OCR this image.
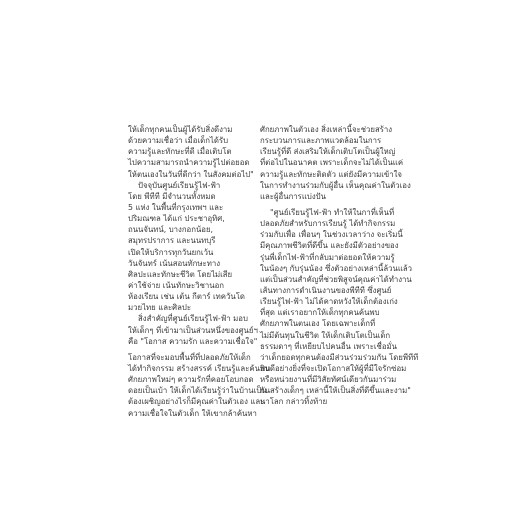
ให้เด็กทุกคนเป็นผู้ได้รับสิ่งดีงาม
ด้วยความเชื่อว่า เมื่อเด็กได้รับ
ความรู้และทักษะที่ดี เมื่อเติบโต
ไปความสามารถนำความรู้ไปต่อยอด
ให้ตนเองในวันที่ดีกว่า ในสังคมต่อไป"
ปัจจุบันศูนย์เรียนรู้ไฟ-ฟ้า
โดย พีทีที มีจำนวนทั้งหมด
5 แห่ง ในพื้นที่กรุงเทพฯ และ
ปริมณฑล ได้แก่ ประชาอุทิศ,
ถนนจันทน์, บางกอกน้อย,
สมุทรปราการ และนนทบุรี
เปิดให้บริการทุกวันยกเว้น
วันจันทร์ เน้นสอนทักษะทาง
ศิลปะและทักษะชีวิต โดยไม่เสีย
ค่าใช้จ่าย เน้นทักษะวิชานอก
ห้องเรียน เช่น เต้น กีตาร์ เทควันโด
มวยไทย และศิลปะ
สิ่งสำคัญที่ศูนย์เรียนรู้ไฟ-ฟ้า มอบ
ให้เด็กๆ ที่เข้ามาเป็นส่วนหนึ่งของศูนย์ฯ
คือ "โอกาส ความรัก และความเชื่อใจ"
โอกาสที่จะมอบพื้นที่ที่ปลอดภัยให้เด็ก
ได้ทำกิจกรรม สร้างสรรค์ เรียนรู้และค้นพบ
ศักยภาพใหม่ๆ ความรักที่คอยโอบกอด
ดอยเป็นเบ้า ให้เด็กได้เรียนรู้ว่าในบ้านเป็น
ต้องเผชิญอย่างไรก็มีคุณค่าในตัวเอง และ
ความเชื่อใจในตัวเด็ก ให้เขากล้าค้นหา
ศักยภาพในตัวเอง สิ่งเหล่านี้จะช่วยสร้าง
กระบวนการและภาพแวดล้อมในการ
เรียนรู้ที่ดี ส่งเสริมให้เด็กเติบโตเป็นผู้ใหญ่
ที่ต่อไปในอนาคต เพราะเด็กจะไม่ได้เป็นแค่
ความรู้และทักษะติดตัว แต่ยังมีความเข้าใจ
ในการทำงานร่วมกับผู้อื่น เห็นคุณค่าในตัวเอง
และผู้อื่นการแบ่งปัน
"ศูนย์เรียนรู้ไฟ-ฟ้า ทำให้ในกาที่เห็นที่
ปลอดภัยสำหรับการเรียนรู้ ได้ทำกิจกรรม
ร่วมกับเพื่อ เพื่อนๆ ในช่วงเวลาว่าง จะเริ่มนี้
มีคุณภาพชีวิตที่ดีขึ้น และยังมีตัวอย่างของ
รุ่นพี่เด็กไฟ-ฟ้าที่กลับมาต่อยอดให้ความรู้
ในน้องๆ กับรุ่นน้อง ซึ่งตัวอย่างเหล่านี้ล้วนแล้ว
แต่เป็นส่วนสำคัญที่ช่วยพิสูจน์คุณค่าได้ทำงาน
เส้นทางการดำเนินงานของพีทีที ซึ่งศูนย์
เรียนรู้ไฟ-ฟ้า ไม่ได้คาดหวังให้เด็กต้องเก่ง
ที่สุด แต่เราอยากให้เด็กทุกคนค้นพบ
ศักยภาพในตนเอง โดยเฉพาะเด็กที่
ไม่มีต้นทุนในชีวิต ให้เด็กเติบโตเป็นเด็ก
ธรรมดาๆ ที่เหยียบไปคนอื่น เพราะเชื่อมั่น
ว่าเด็กยอดทุกคนต้องมีส่วนร่วมร่วมกัน โดยพีทีที
ยินดีอย่างยิ่งที่จะเปิดโอกาสให้ผู้ที่มีใจรักซ่อม
หรือหน่วยงานที่มีวิสัยทัศน์เดียวกันมาร่วม
กันสร้างเด็กๆ เหล่านี้ให้เป็นสิ่งที่ดีขึ้นและงาม"
นาโลก กล่าวทิ้งท้าย
